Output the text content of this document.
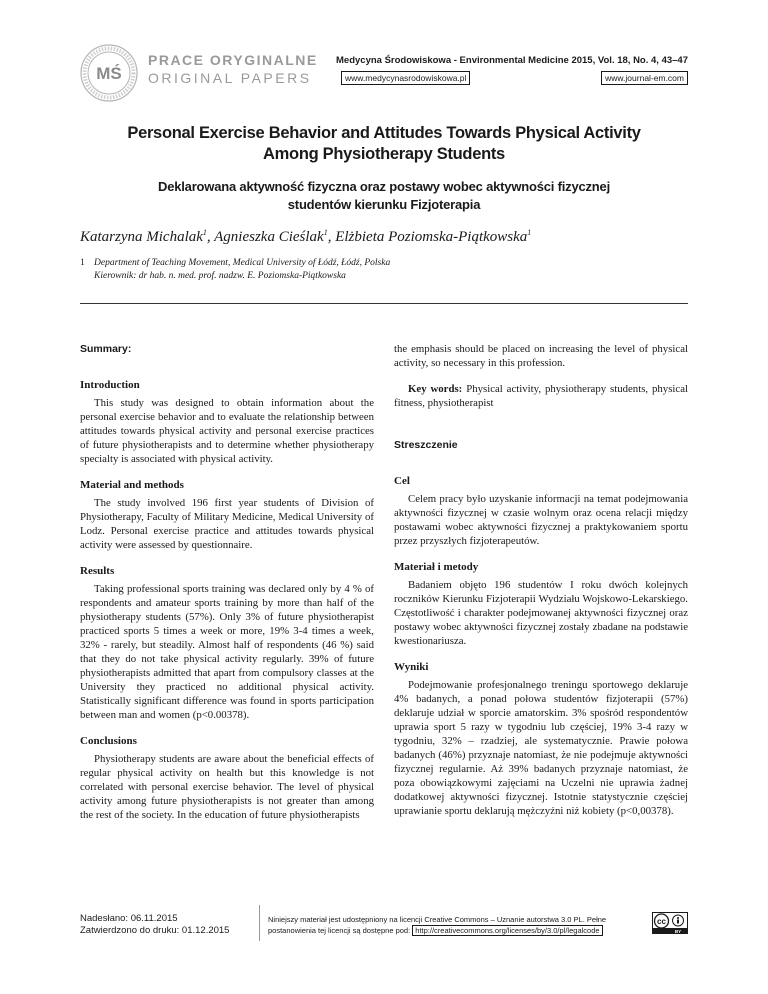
MŚ
PRACE ORYGINALNE
ORIGINAL PAPERS
Medycyna Środowiskowa - Environmental Medicine 2015, Vol. 18, No. 4, 43–47
www.medycynasrodowiskowa.pl	www.journal-em.com
Personal Exercise Behavior and Attitudes Towards Physical Activity
Among Physiotherapy Students
Deklarowana aktywność fizyczna oraz postawy wobec aktywności fizycznej
studentów kierunku Fizjoterapia
Katarzyna Michalak$^1$, Agnieszka Cieślak$^1$, Elżbieta Poziomska-Piątkowska$^1$
1 Department of Teaching Movement, Medical University of Łódź, Łódź, Polska
Kierownik: dr hab. n. med. prof. nadzw. E. Poziomska-Piątkowska
Summary:
Introduction
This study was designed to obtain information about the personal exercise behavior and to evaluate the relationship between attitudes towards physical activity and personal exercise practices of future physiotherapists and to determine whether physiotherapy specialty is associated with physical activity.
Material and methods
The study involved 196 first year students of Division of Physiotherapy, Faculty of Military Medicine, Medical University of Lodz. Personal exercise practice and attitudes towards physical activity were assessed by questionnaire.
Results
Taking professional sports training was declared only by 4 % of respondents and amateur sports training by more than half of the physiotherapy students (57%). Only 3% of future physiotherapist practiced sports 5 times a week or more, 19% 3-4 times a week, 32% - rarely, but steadily. Almost half of respondents (46 %) said that they do not take physical activity regularly. 39% of future physiotherapists admitted that apart from compulsory classes at the University they practiced no additional physical activity. Statistically significant difference was found in sports participation between man and women (p<0.00378).
Conclusions
Physiotherapy students are aware about the beneficial effects of regular physical activity on health but this knowledge is not correlated with personal exercise behavior. The level of physical activity among future physiotherapists is not greater than among the rest of the society. In the education of future physiotherapists
the emphasis should be placed on increasing the level of physical activity, so necessary in this profession.
Key words: Physical activity, physiotherapy students, physical fitness, physiotherapist
Streszczenie
Cel
Celem pracy było uzyskanie informacji na temat podejmowania aktywności fizycznej w czasie wolnym oraz ocena relacji między postawami wobec aktywności fizycznej a praktykowaniem sportu przez przyszłych fizjoterapeutów.
Materiał i metody
Badaniem objęto 196 studentów I roku dwóch kolejnych roczników Kierunku Fizjoterapii Wydziału Wojskowo-Lekarskiego. Częstotliwość i charakter podejmowanej aktywności fizycznej oraz postawy wobec aktywności fizycznej zostały zbadane na podstawie kwestionariusza.
Wyniki
Podejmowanie profesjonalnego treningu sportowego deklaruje 4% badanych, a ponad połowa studentów fizjoterapii (57%) deklaruje udział w sporcie amatorskim. 3% spośród respondentów uprawia sport 5 razy w tygodniu lub częściej, 19% 3-4 razy w tygodniu, 32% – rzadziej, ale systematycznie. Prawie połowa badanych (46%) przyznaje natomiast, że nie podejmuje aktywności fizycznej regularnie. Aż 39% badanych przyznaje natomiast, że poza obowiązkowymi zajęciami na Uczelni nie uprawia żadnej dodatkowej aktywności fizycznej. Istotnie statystycznie częściej uprawianie sportu deklarują mężczyźni niż kobiety (p<0,00378).
Nadesłano: 06.11.2015
Zatwierdzono do druku: 01.12.2015
Niniejszy materiał jest udostępniony na licencji Creative Commons – Uznanie autorstwa 3.0 PL. Pełne postanowienia tej licencji są dostępne pod: http://creativecommons.org/licenses/by/3.0/pl/legalcode
cc
BY
